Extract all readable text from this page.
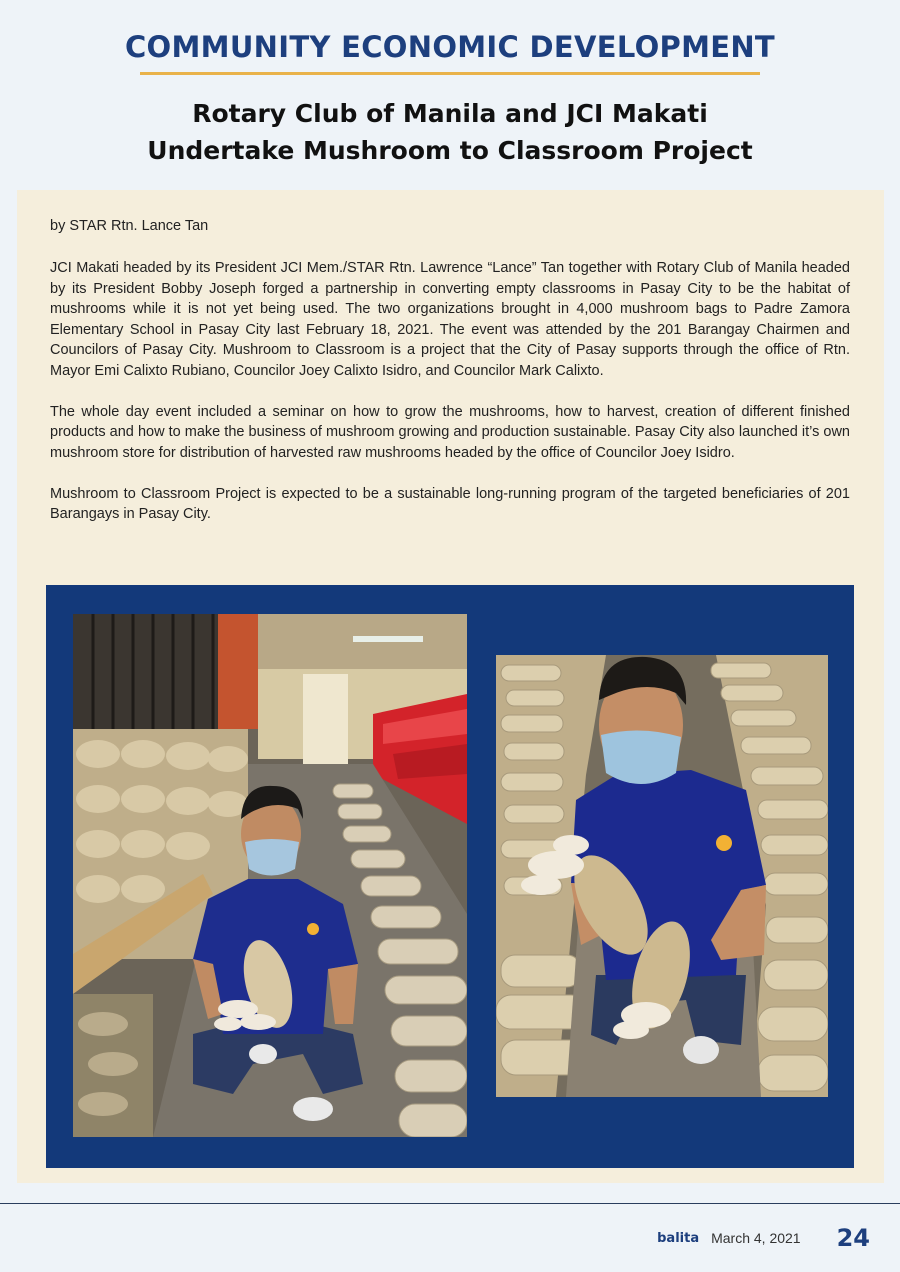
COMMUNITY ECONOMIC DEVELOPMENT
Rotary Club of Manila and JCI Makati
Undertake Mushroom to Classroom Project
by STAR Rtn. Lance Tan

JCI Makati headed by its President JCI Mem./STAR Rtn. Lawrence “Lance” Tan together with Rotary Club of Manila headed by its President Bobby Joseph forged a partnership in converting empty classrooms in Pasay City to be the habitat of mushrooms while it is not yet being used. The two organizations brought in 4,000 mushroom bags to Padre Zamora Elementary School in Pasay City last February 18, 2021. The event was attended by the 201 Barangay Chairmen and Councilors of Pasay City. Mushroom to Classroom is a project that the City of Pasay supports through the office of Rtn. Mayor Emi Calixto Rubiano, Councilor Joey Calixto Isidro, and Councilor Mark Calixto.

The whole day event included a seminar on how to grow the mushrooms, how to harvest, creation of different finished products and how to make the business of mushroom growing and production sustainable. Pasay City also launched it’s own mushroom store for distribution of harvested raw mushrooms headed by the office of Councilor Joey Isidro.

Mushroom to Classroom Project is expected to be a sustainable long-running program of the targeted beneficiaries of 201 Barangays in Pasay City.

balita March 4, 2021 24
